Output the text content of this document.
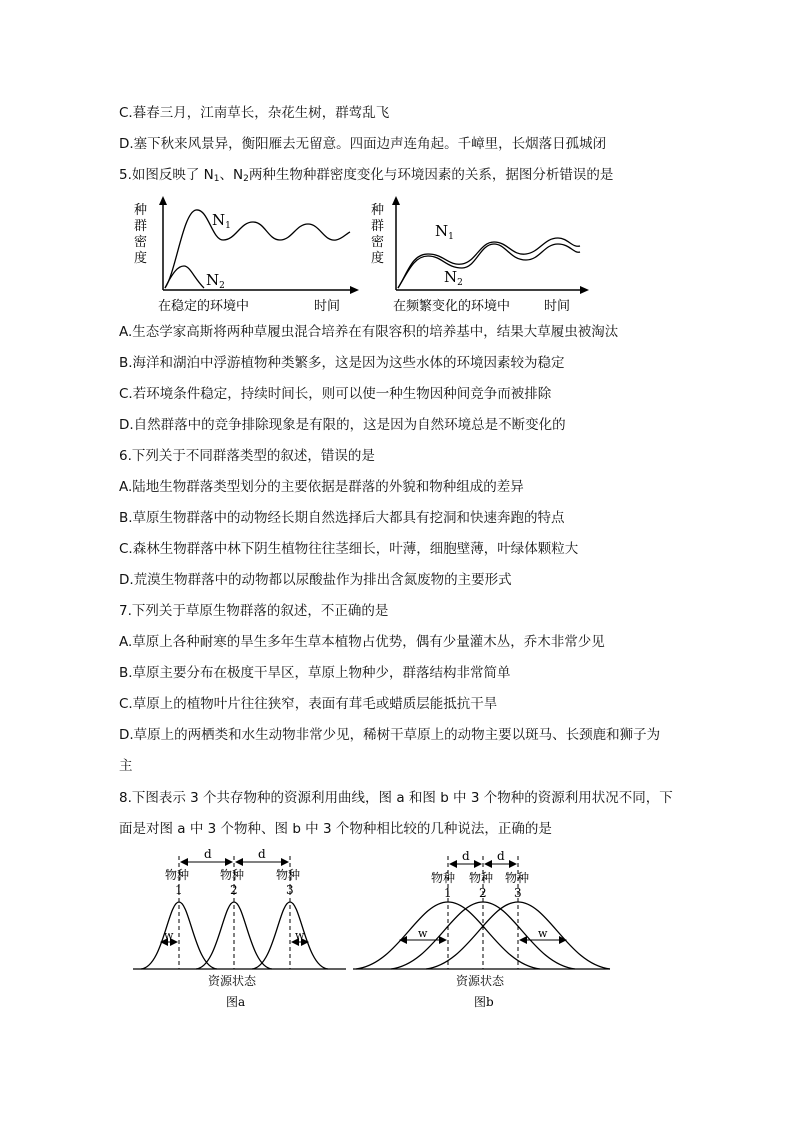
C.暮春三月，江南草长，杂花生树，群莺乱飞
D.塞下秋来风景异，衡阳雁去无留意。四面边声连角起。千嶂里，长烟落日孤城闭
5.如图反映了 $N_1$、$N_2$两种生物种群密度变化与环境因素的关系，据图分析错误的是
种
群
密
度
$N_1$
$N_2$
在稳定的环境中	时间
种
群
密
度
$N_1$
$N_2$
在频繁变化的环境中	时间
A.生态学家高斯将两种草履虫混合培养在有限容积的培养基中，结果大草履虫被淘汰
B.海洋和湖泊中浮游植物种类繁多，这是因为这些水体的环境因素较为稳定
C.若环境条件稳定，持续时间长，则可以使一种生物因种间竞争而被排除
D.自然群落中的竞争排除现象是有限的，这是因为自然环境总是不断变化的
6.下列关于不同群落类型的叙述，错误的是
A.陆地生物群落类型划分的主要依据是群落的外貌和物种组成的差异
B.草原生物群落中的动物经长期自然选择后大都具有挖洞和快速奔跑的特点
C.森林生物群落中林下阴生植物往往茎细长，叶薄，细胞壁薄，叶绿体颗粒大
D.荒漠生物群落中的动物都以尿酸盐作为排出含氮废物的主要形式
7.下列关于草原生物群落的叙述，不正确的是
A.草原上各种耐寒的旱生多年生草本植物占优势，偶有少量灌木丛，乔木非常少见
B.草原主要分布在极度干旱区，草原上物种少，群落结构非常简单
C.草原上的植物叶片往往狭窄，表面有茸毛或蜡质层能抵抗干旱
D.草原上的两栖类和水生动物非常少见，稀树干草原上的动物主要以斑马、长颈鹿和狮子为
主
8.下图表示 3 个共存物种的资源利用曲线，图 a 和图 b 中 3 个物种的资源利用状况不同，下
面是对图 a 中 3 个物种、图 b 中 3 个物种相比较的几种说法，正确的是
d	d
物种	物种	物种
1	2	3
w	w
资源状态
图a
d d
物种 物种 物种
1 2 3
w	w
资源状态
图b
